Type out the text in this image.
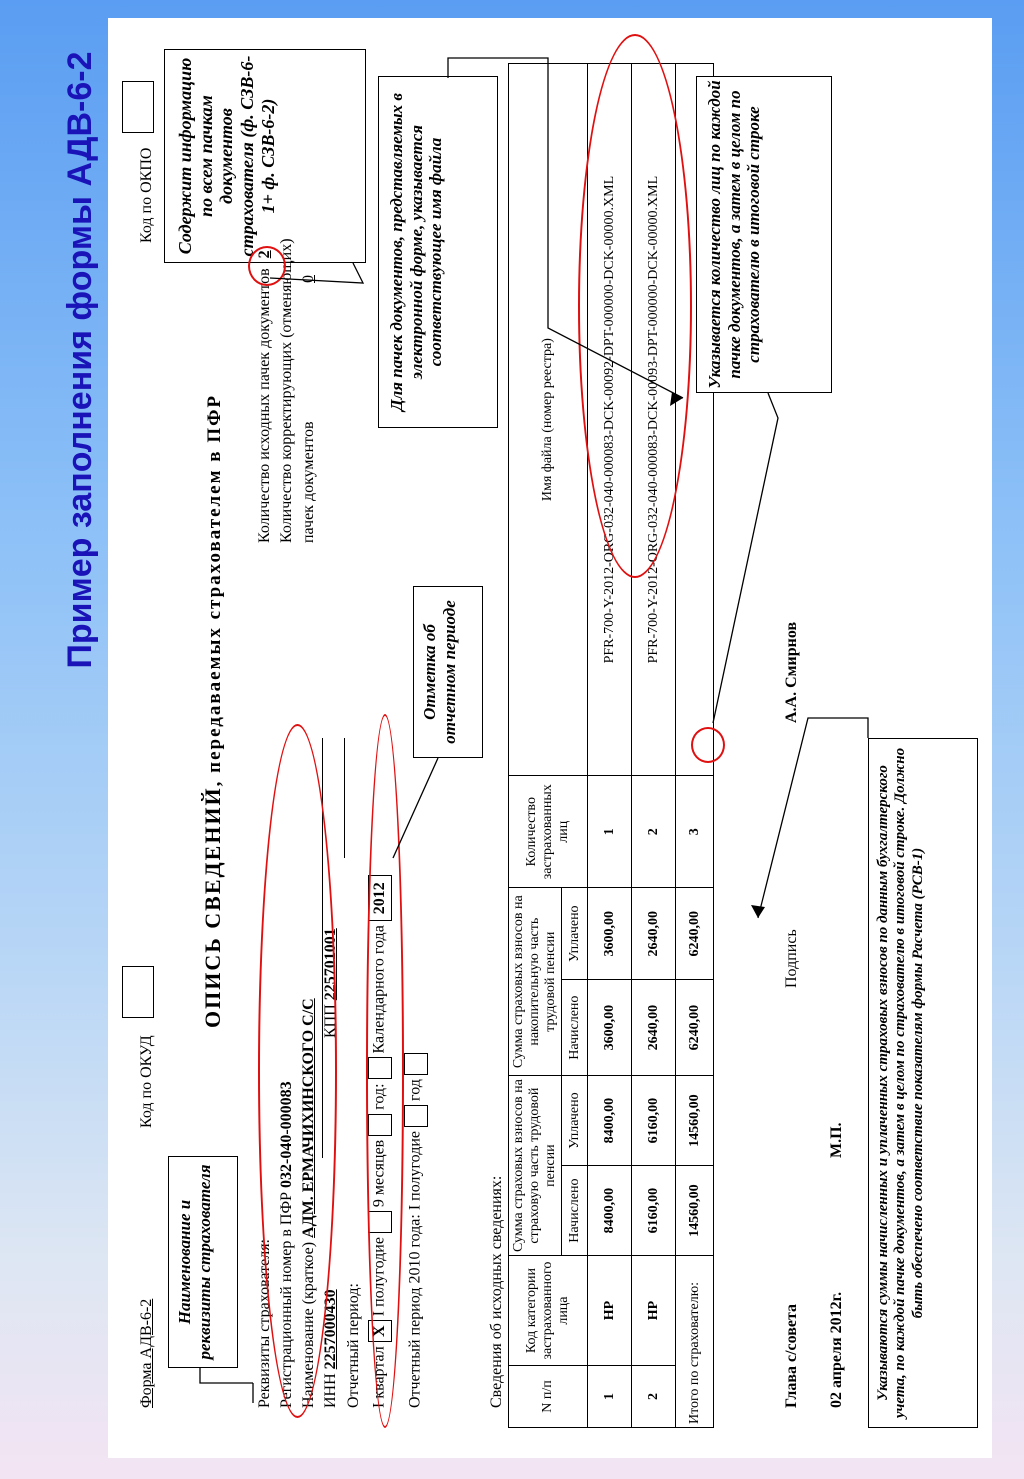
Пример заполнения формы АДВ-6-2
Форма АДВ-6-2
Код по ОКУД
Код по ОКПО
Наименование и реквизиты страхователя
ОПИСЬ СВЕДЕНИЙ, передаваемых страхователем в ПФР
Содержит информацию по всем пачкам документов страхователя (ф. СЗВ-6-1+ ф. СЗВ-6-2)
Реквизиты страхователя: Регистрационный номер в ПФР 032-040-000083
Наименование (краткое) АДМ. ЕРМАЧИХИНСКОГО С/С
ИНН 2257000430
КПП 225701001
Отчетный период: I квартал X I полугодие  9 месяцев  год:  Календарного года 2012
Отчетный период 2010 года: I полугодие  год
Отметка об отчетном периоде
Количество исходных пачек документов 2 Количество корректирующих (отменяющих) пачек документов
0	Для пачек документов, представляемых в электронной форме, указывается соответствующее имя файла
Сведения об исходных сведениях:	N п/п	Код категории застрахованного лица	Сумма страховых взносов на страховую часть трудовой пенсии		Сумма страховых взносов на накопительную часть трудовой пенсии		Количество застрахованных лиц	Имя файла (номер реестра)
		Начислено	Уплачено	Начислено	Уплачено		
1	НР	8400,00	8400,00	3600,00	3600,00	1	PFR-700-Y-2012-ORG-032-040-000083-DCK-00092-DPT-000000-DCK-00000.XML
2	НР	6160,00	6160,00	2640,00	2640,00	2	PFR-700-Y-2012-ORG-032-040-000083-DCK-00093-DPT-000000-DCK-00000.XML
Итого по страхователю:		14560,00	14560,00	6240,00	6240,00	3	
Глава с/совета
Подпись
А.А. Смирнов
М.П.
02 апреля 2012г.
Указывается количество лиц по каждой пачке документов, а затем в целом по страхователю в итоговой строке
Указываются суммы начисленных и уплаченных страховых взносов по данным бухгалтерского учета, по каждой пачке документов, а затем в целом по страхователю в итоговой строке. Должно быть обеспечено соответствие показателям формы Расчета (РСВ-1)
